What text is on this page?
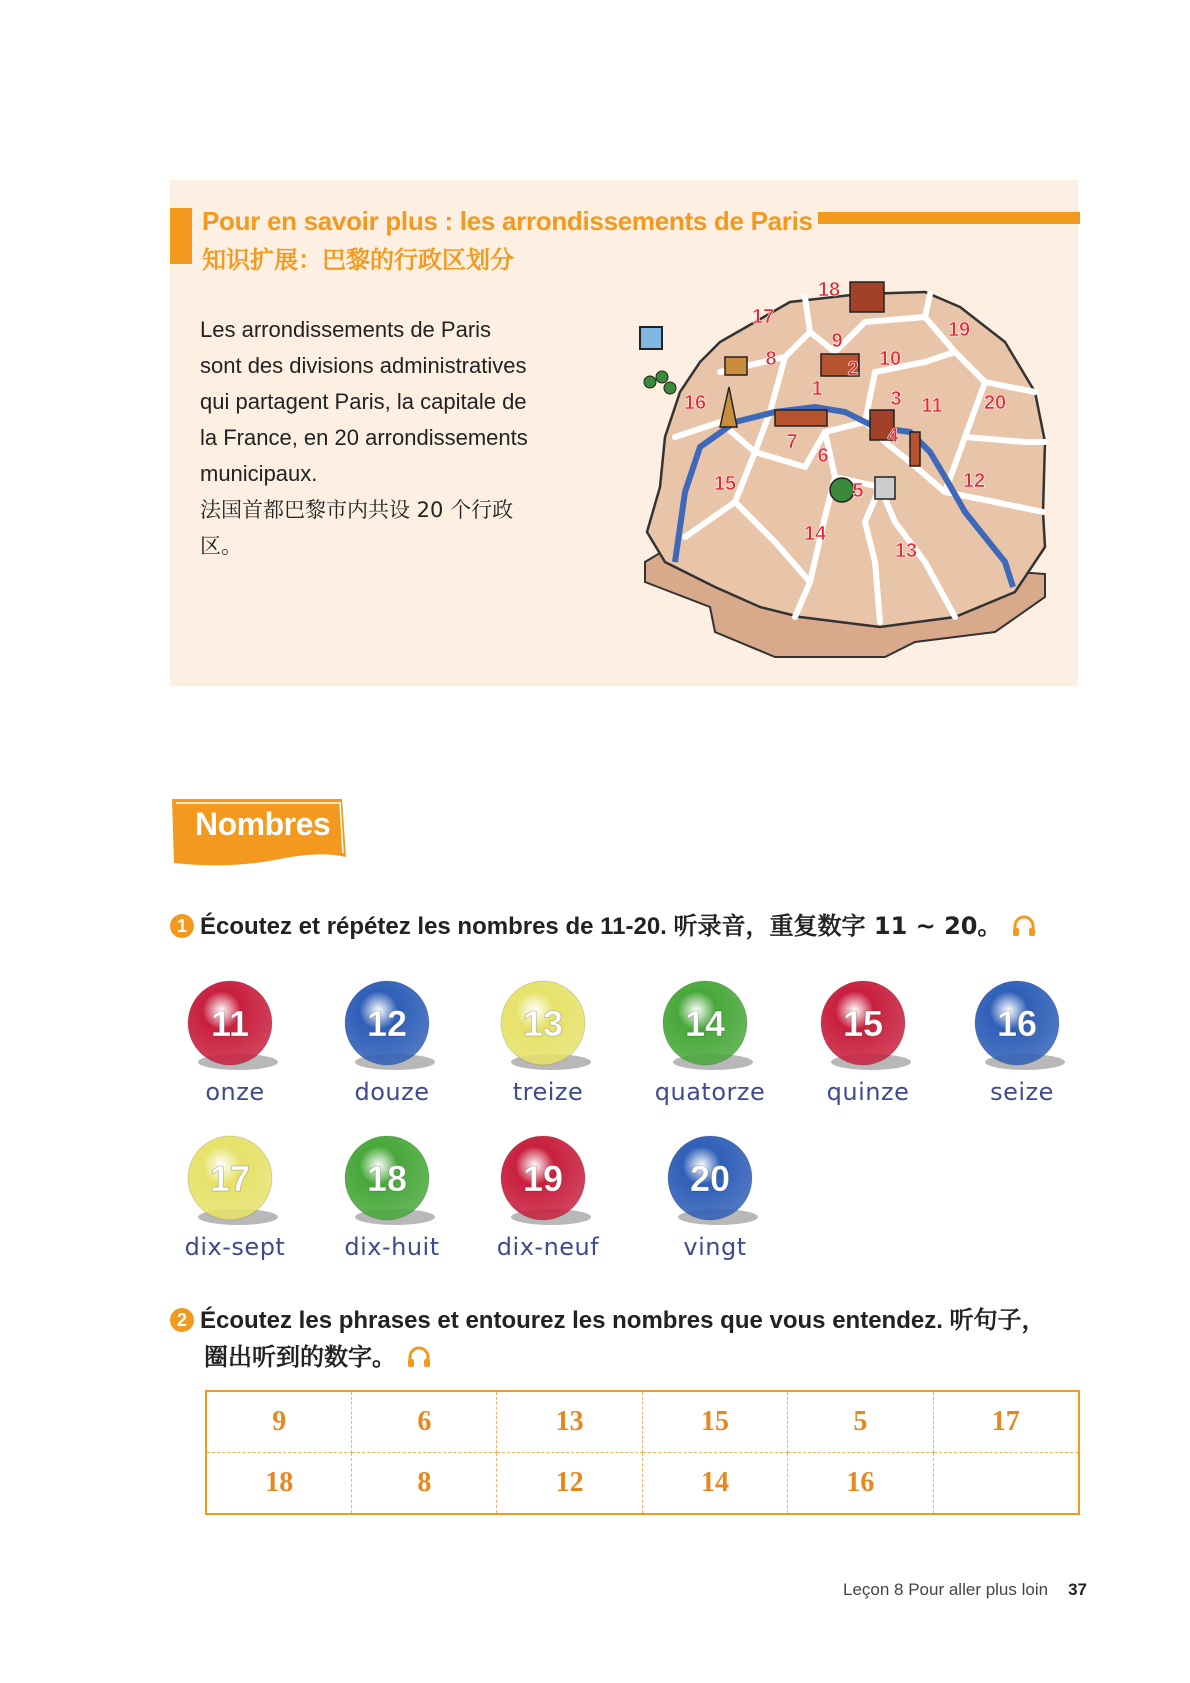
Pour en savoir plus : les arrondissements de Paris
知识扩展：巴黎的行政区划分
Les arrondissements de Paris sont des divisions administratives qui partagent Paris, la capitale de la France, en 20 arrondissements municipaux.
法国首都巴黎市内共设 20 个行政区。
1
2
3
4
5
6
7
8
9
10
11
12
13
14
15
16
17
18
19
20
Nombres
1 Écoutez et répétez les nombres de 11-20. 听录音，重复数字 11 ~ 20。
11
onze
12
douze
13
treize
14
quatorze
15
quinze
16
seize
17
dix-sept
18
dix-huit
19
dix-neuf
20
vingt
2 Écoutez les phrases et entourez les nombres que vous entendez. 听句子，
圈出听到的数字。
9	6	13	15	5	17
18	8	12	14	16	
Leçon 8 Pour aller plus loin 37
